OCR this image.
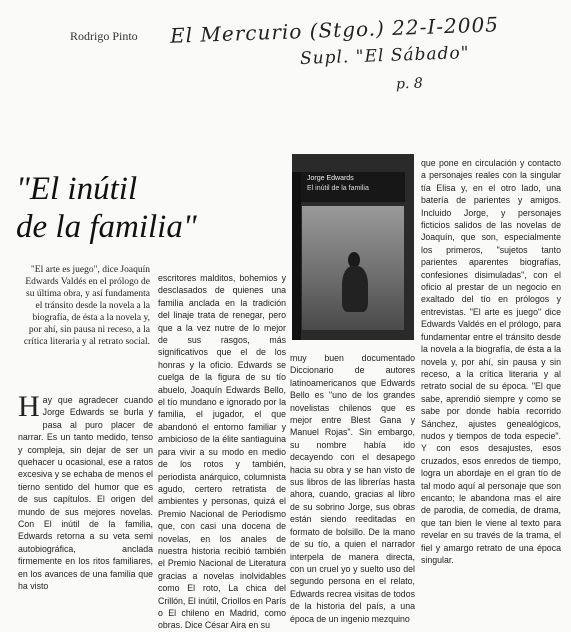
Rodrigo Pinto El Mercurio (Stgo.) 22-I-2005
Supl. "El Sábado"
p. 8
"El inútil
de la familia"
"El arte es juego", dice Joaquín Edwards Valdés en el prólogo de su última obra, y así fundamenta el tránsito desde la novela a la biografía, de ésta a la novela y, por ahí, sin pausa ni receso, a la crítica literaria y al retrato social.
Jorge Edwards
El inútil de la familia
H ay que agradecer cuando Jorge Edwards se burla y pasa al puro placer de narrar. Es un tanto medido, tenso y compleja, sin dejar de ser un quehacer u ocasional, ese a ratos excesiva y se echaba de menos el tierno sentido del humor que es de sus capítulos. El origen del mundo de sus mejores novelas. Con El inútil de la familia, Edwards retorna a su veta semi autobiográfica, anclada firmemente en los ritos familiares, en los avances de una familia que ha visto
escritores malditos, bohemios y desclasados de quienes una familia anclada en la tradición del linaje trata de renegar, pero que a la vez nutre de lo mejor de sus rasgos, más significativos que el de los honras y la oficio. Edwards se cuelga de la figura de su tío abuelo, Joaquín Edwards Bello, el tío mundano e ignorado por la familia, el jugador, el que abandonó el entorno familiar y ambicioso de la élite santiaguina para vivir a su modo en medio de los rotos y también, periodista anárquico, columnista agudo, certero retratista de ambientes y personas, quizá el Premio Nacional de Periodismo que, con casi una docena de novelas, en los anales de nuestra historia recibió también el Premio Nacional de Literatura gracias a novelas inolvidables como El roto, La chica del Crillón, El inútil, Criollos en París o El chileno en Madrid, como obras. Dice César Aira en su
muy buen documentado Diccionario de autores latinoamericanos que Edwards Bello es "uno de los grandes novelistas chilenos que es mejor entre Blest Gana y Manuel Rojas". Sin embargo, su nombre había ido decayendo con el desapego hacia su obra y se han visto de sus libros de las librerías hasta ahora, cuando, gracias al libro de su sobrino Jorge, sus obras están siendo reeditadas en formato de bolsillo. De la mano de su tío, a quien el narrador interpela de manera directa, con un cruel yo y suelto uso del segundo persona en el relato, Edwards recrea visitas de todos de la historia del país, a una época de un ingenio mezquino
que pone en circulación y contacto a personajes reales con la singular tía Elisa y, en el otro lado, una batería de parientes y amigos. Incluido Jorge, y personajes ficticios salidos de las novelas de Joaquín, que son, especialmente los primeros, "sujetos tanto parientes aparentes biografías, confesiones disimuladas", con el oficio al prestar de un negocio en exaltado del tío en prólogos y entrevistas. "El arte es juego" dice Edwards Valdés en el prólogo, para fundamentar entre el tránsito desde la novela a la biografía, de ésta a la novela y, por ahí, sin pausa y sin receso, a la crítica literaria y al retrato social de su época. "El que sabe, aprendió siempre y como se sabe por donde había recorrido Sánchez, ajustes genealógicos, nudos y tiempos de toda especie". Y con esos desajustes, esos cruzados, esos enredos de tiempo, logra un abordaje en el gran tío de tal modo aquí al personaje que son encanto; le abandona mas el aire de parodia, de comedia, de drama, que tan bien le viene al texto para revelar en su través de la trama, el fiel y amargo retrato de una época singular.
